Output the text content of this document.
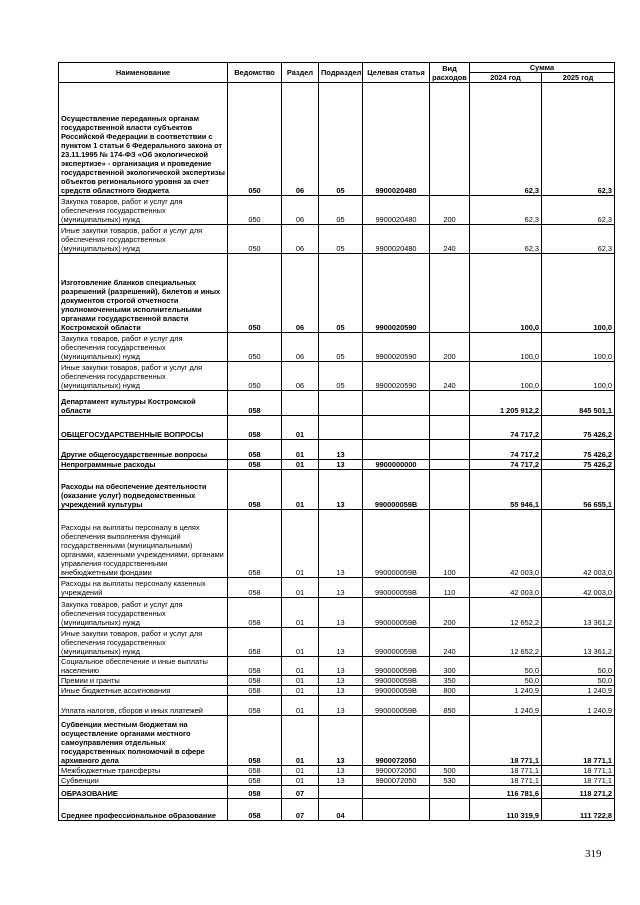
Наименование	Ведомство	Раздел	Подраздел	Целевая статья	Вид расходов	Сумма	
						2024 год	2025 год
Осуществление переданных органам государственной власти субъектов Российской Федерации в соответствии с пунктом 1 статьи 6 Федерального закона от 23.11.1995 № 174-ФЗ «Об экологической экспертизе» - организация и проведение государственной экологической экспертизы объектов регионального уровня за счет средств областного бюджета	050	06	05	9900020480		62,3	62,3
Закупка товаров, работ и услуг для обеспечения государственных (муниципальных) нужд	050	06	05	9900020480	200	62,3	62,3
Иные закупки товаров, работ и услуг для обеспечения государственных (муниципальных) нужд	050	06	05	9900020480	240	62,3	62,3
Изготовление бланков специальных разрешений (разрешений), билетов и иных документов строгой отчетности уполномоченными исполнительными органами государственной власти Костромской области	050	06	05	9900020590		100,0	100,0
Закупка товаров, работ и услуг для обеспечения государственных (муниципальных) нужд	050	06	05	9900020590	200	100,0	100,0
Иные закупки товаров, работ и услуг для обеспечения государственных (муниципальных) нужд	050	06	05	9900020590	240	100,0	100,0
Департамент культуры Костромской области	058					1 205 912,2	845 501,1
ОБЩЕГОСУДАРСТВЕННЫЕ ВОПРОСЫ	058	01				74 717,2	75 426,2
Другие общегосударственные вопросы	058	01	13			74 717,2	75 426,2
Непрограммные расходы	058	01	13	9900000000		74 717,2	75 426,2
Расходы на обеспечение деятельности (оказание услуг) подведомственных учреждений культуры	058	01	13	990000059В		55 946,1	56 655,1
Расходы на выплаты персоналу в целях обеспечения выполнения функций государственными (муниципальными) органами, казенными учреждениями, органами управления государственными внебюджетными фондами	058	01	13	990000059В	100	42 003,0	42 003,0
Расходы на выплаты персоналу казенных учреждений	058	01	13	990000059В	110	42 003,0	42 003,0
Закупка товаров, работ и услуг для обеспечения государственных (муниципальных) нужд	058	01	13	990000059В	200	12 652,2	13 361,2
Иные закупки товаров, работ и услуг для обеспечения государственных (муниципальных) нужд	058	01	13	990000059В	240	12 652,2	13 361,2
Социальное обеспечение и иные выплаты населению	058	01	13	990000059В	300	50,0	50,0
Премии и гранты	058	01	13	990000059В	350	50,0	50,0
Иные бюджетные ассигнования	058	01	13	990000059В	800	1 240,9	1 240,9
Уплата налогов, сборов и иных платежей	058	01	13	990000059В	850	1 240,9	1 240,9
Субвенции местным бюджетам на осуществление органами местного самоуправления отдельных государственных полномочий в сфере архивного дела	058	01	13	9900072050		18 771,1	18 771,1
Межбюджетные трансферты	058	01	13	9900072050	500	18 771,1	18 771,1
Субвенции	058	01	13	9900072050	530	18 771,1	18 771,1
ОБРАЗОВАНИЕ	058	07				116 781,6	118 271,2
Среднее профессиональное образование	058	07	04			110 319,9	111 722,8
319
